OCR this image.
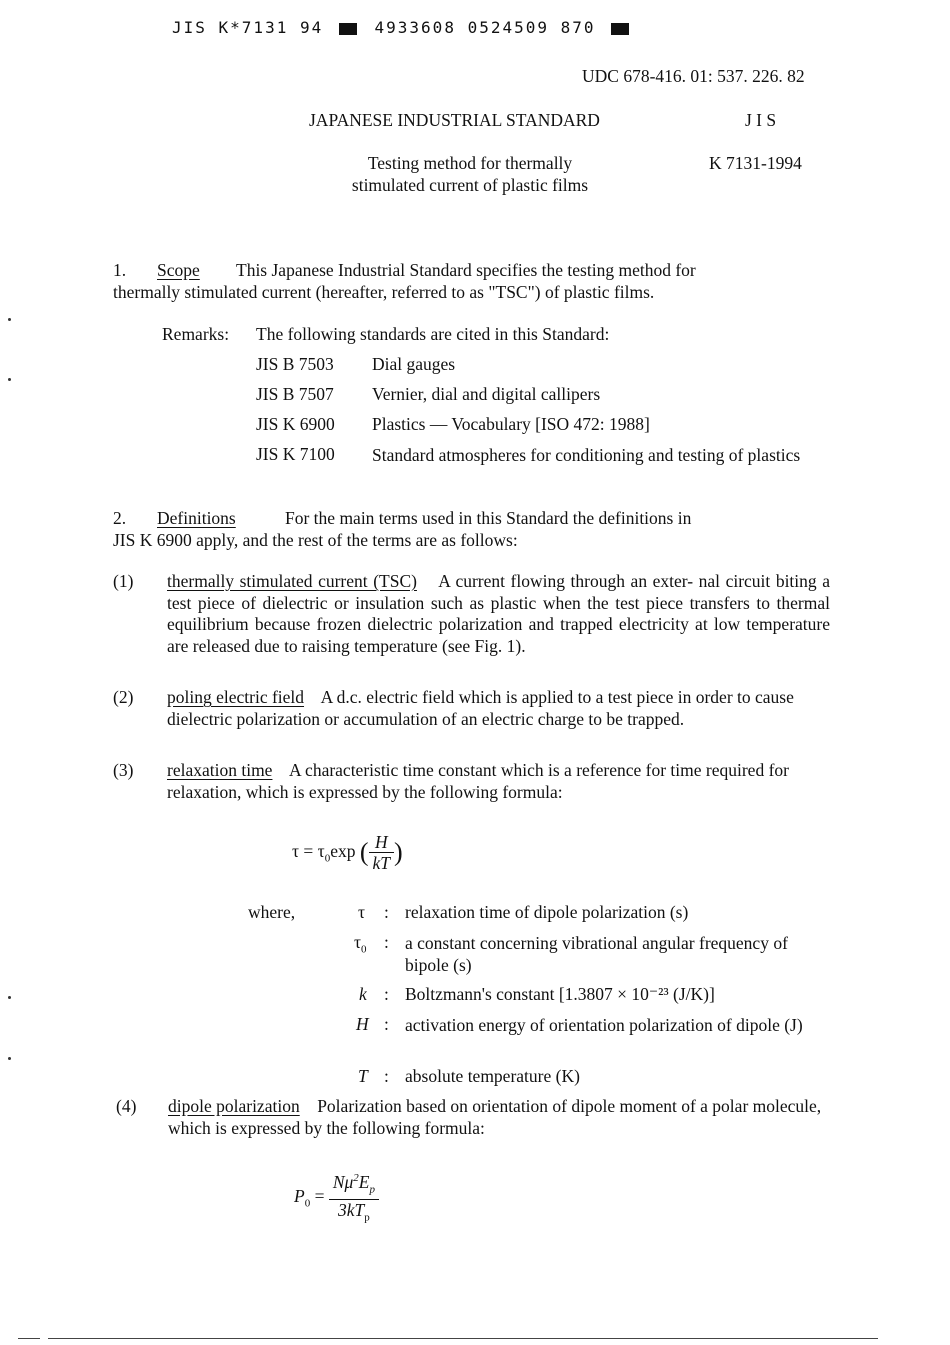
JIS K*7131 94	4933608 0524509 870
UDC 678-416. 01: 537. 226. 82
JAPANESE INDUSTRIAL STANDARD	J I S
Testing method for thermally
stimulated current of plastic films
K 7131-1994
1. Scope This Japanese Industrial Standard specifies the testing method for
thermally stimulated current (hereafter, referred to as "TSC") of plastic films.
Remarks: The following standards are cited in this Standard:
JIS B 7503 Dial gauges
JIS B 7507 Vernier, dial and digital callipers
JIS K 6900 Plastics — Vocabulary [ISO 472: 1988]
JIS K 7100 Standard atmospheres for conditioning and testing of plastics
2. Definitions	For the main terms used in this Standard the definitions in
JIS K 6900 apply, and the rest of the terms are as follows:
(1) thermally stimulated current (TSC) A current flowing through an exter- nal circuit biting a test piece of dielectric or insulation such as plastic when the test piece transfers to thermal equilibrium because frozen dielectric polarization and trapped electricity at low temperature are released due to raising temperature (see Fig. 1).
(2) poling electric field A d.c. electric field which is applied to a test piece in order to cause dielectric polarization or accumulation of an electric charge to be trapped.
(3) relaxation time A characteristic time constant which is a reference for time required for relaxation, which is expressed by the following formula:
$\tau = \tau_0\exp$ ( $\frac{H}{kT}$ )
where,	τ : relaxation time of dipole polarization (s)
$\tau_0$ : a constant concerning vibrational angular frequency of bipole (s)
k : Boltzmann's constant [1.3807 × 10⁻²³ (J/K)]
H : activation energy of orientation polarization of dipole (J)
T : absolute temperature (K)
(4) dipole polarization Polarization based on orientation of dipole moment of a polar molecule, which is expressed by the following formula:
$P_0 = \frac{N\mu^2E_p}{3kT_p}$
